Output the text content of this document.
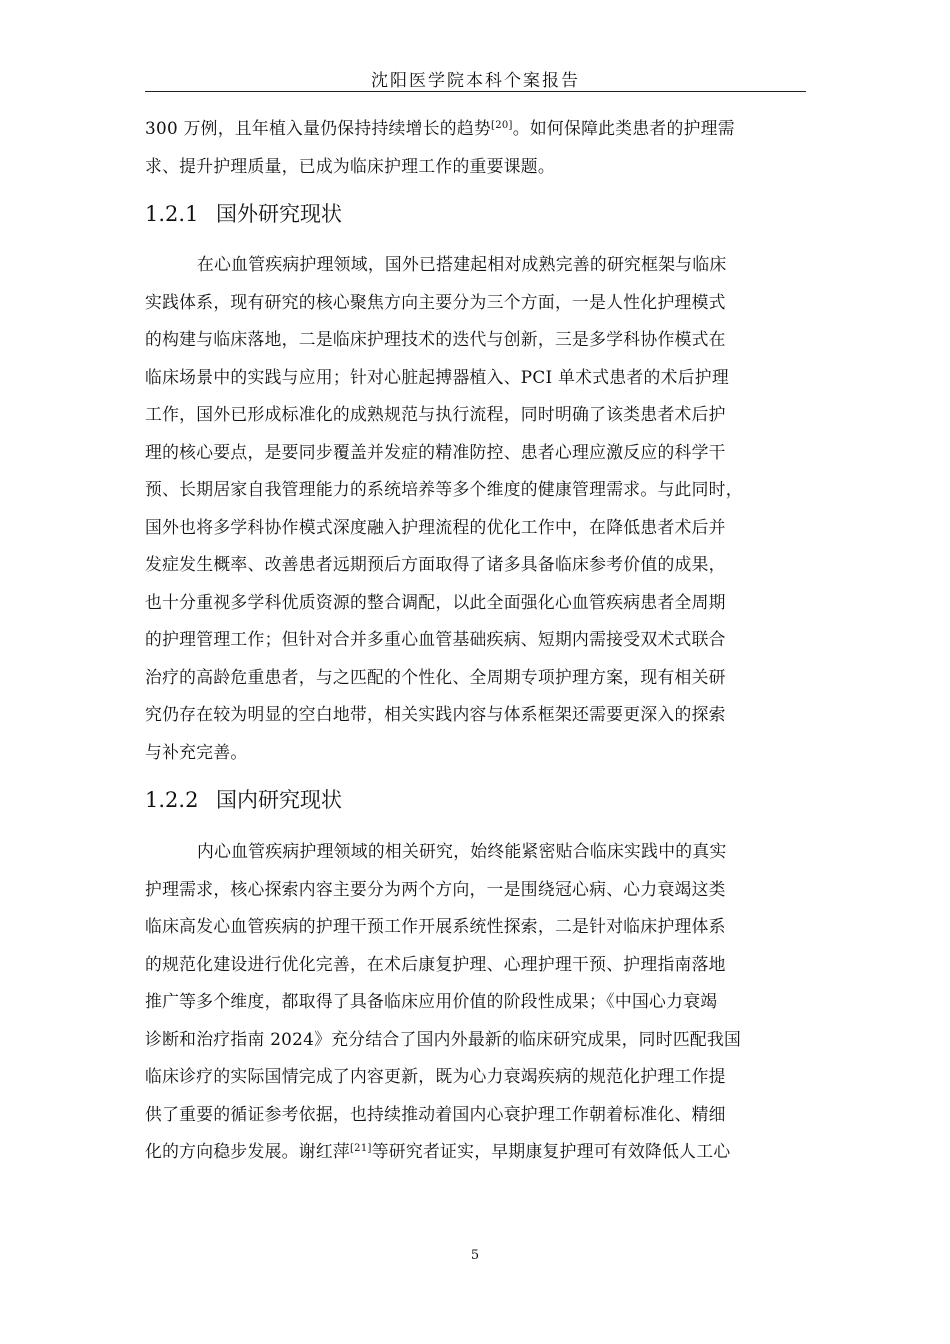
沈阳医学院本科个案报告
300 万例，且年植入量仍保持持续增长的趋势[20]。如何保障此类患者的护理需
求、提升护理质量，已成为临床护理工作的重要课题。
1.2.1 国外研究现状
在心血管疾病护理领域，国外已搭建起相对成熟完善的研究框架与临床
实践体系，现有研究的核心聚焦方向主要分为三个方面，一是人性化护理模式
的构建与临床落地，二是临床护理技术的迭代与创新，三是多学科协作模式在
临床场景中的实践与应用；针对心脏起搏器植入、PCI 单术式患者的术后护理
工作，国外已形成标准化的成熟规范与执行流程，同时明确了该类患者术后护
理的核心要点，是要同步覆盖并发症的精准防控、患者心理应激反应的科学干
预、长期居家自我管理能力的系统培养等多个维度的健康管理需求。与此同时，
国外也将多学科协作模式深度融入护理流程的优化工作中，在降低患者术后并
发症发生概率、改善患者远期预后方面取得了诸多具备临床参考价值的成果，
也十分重视多学科优质资源的整合调配，以此全面强化心血管疾病患者全周期
的护理管理工作；但针对合并多重心血管基础疾病、短期内需接受双术式联合
治疗的高龄危重患者，与之匹配的个性化、全周期专项护理方案，现有相关研
究仍存在较为明显的空白地带，相关实践内容与体系框架还需要更深入的探索
与补充完善。
1.2.2 国内研究现状
内心血管疾病护理领域的相关研究，始终能紧密贴合临床实践中的真实
护理需求，核心探索内容主要分为两个方向，一是围绕冠心病、心力衰竭这类
临床高发心血管疾病的护理干预工作开展系统性探索，二是针对临床护理体系
的规范化建设进行优化完善，在术后康复护理、心理护理干预、护理指南落地
推广等多个维度，都取得了具备临床应用价值的阶段性成果；《中国心力衰竭
诊断和治疗指南 2024》充分结合了国内外最新的临床研究成果，同时匹配我国
临床诊疗的实际国情完成了内容更新，既为心力衰竭疾病的规范化护理工作提
供了重要的循证参考依据，也持续推动着国内心衰护理工作朝着标准化、精细
化的方向稳步发展。谢红萍[21]等研究者证实，早期康复护理可有效降低人工心
5
